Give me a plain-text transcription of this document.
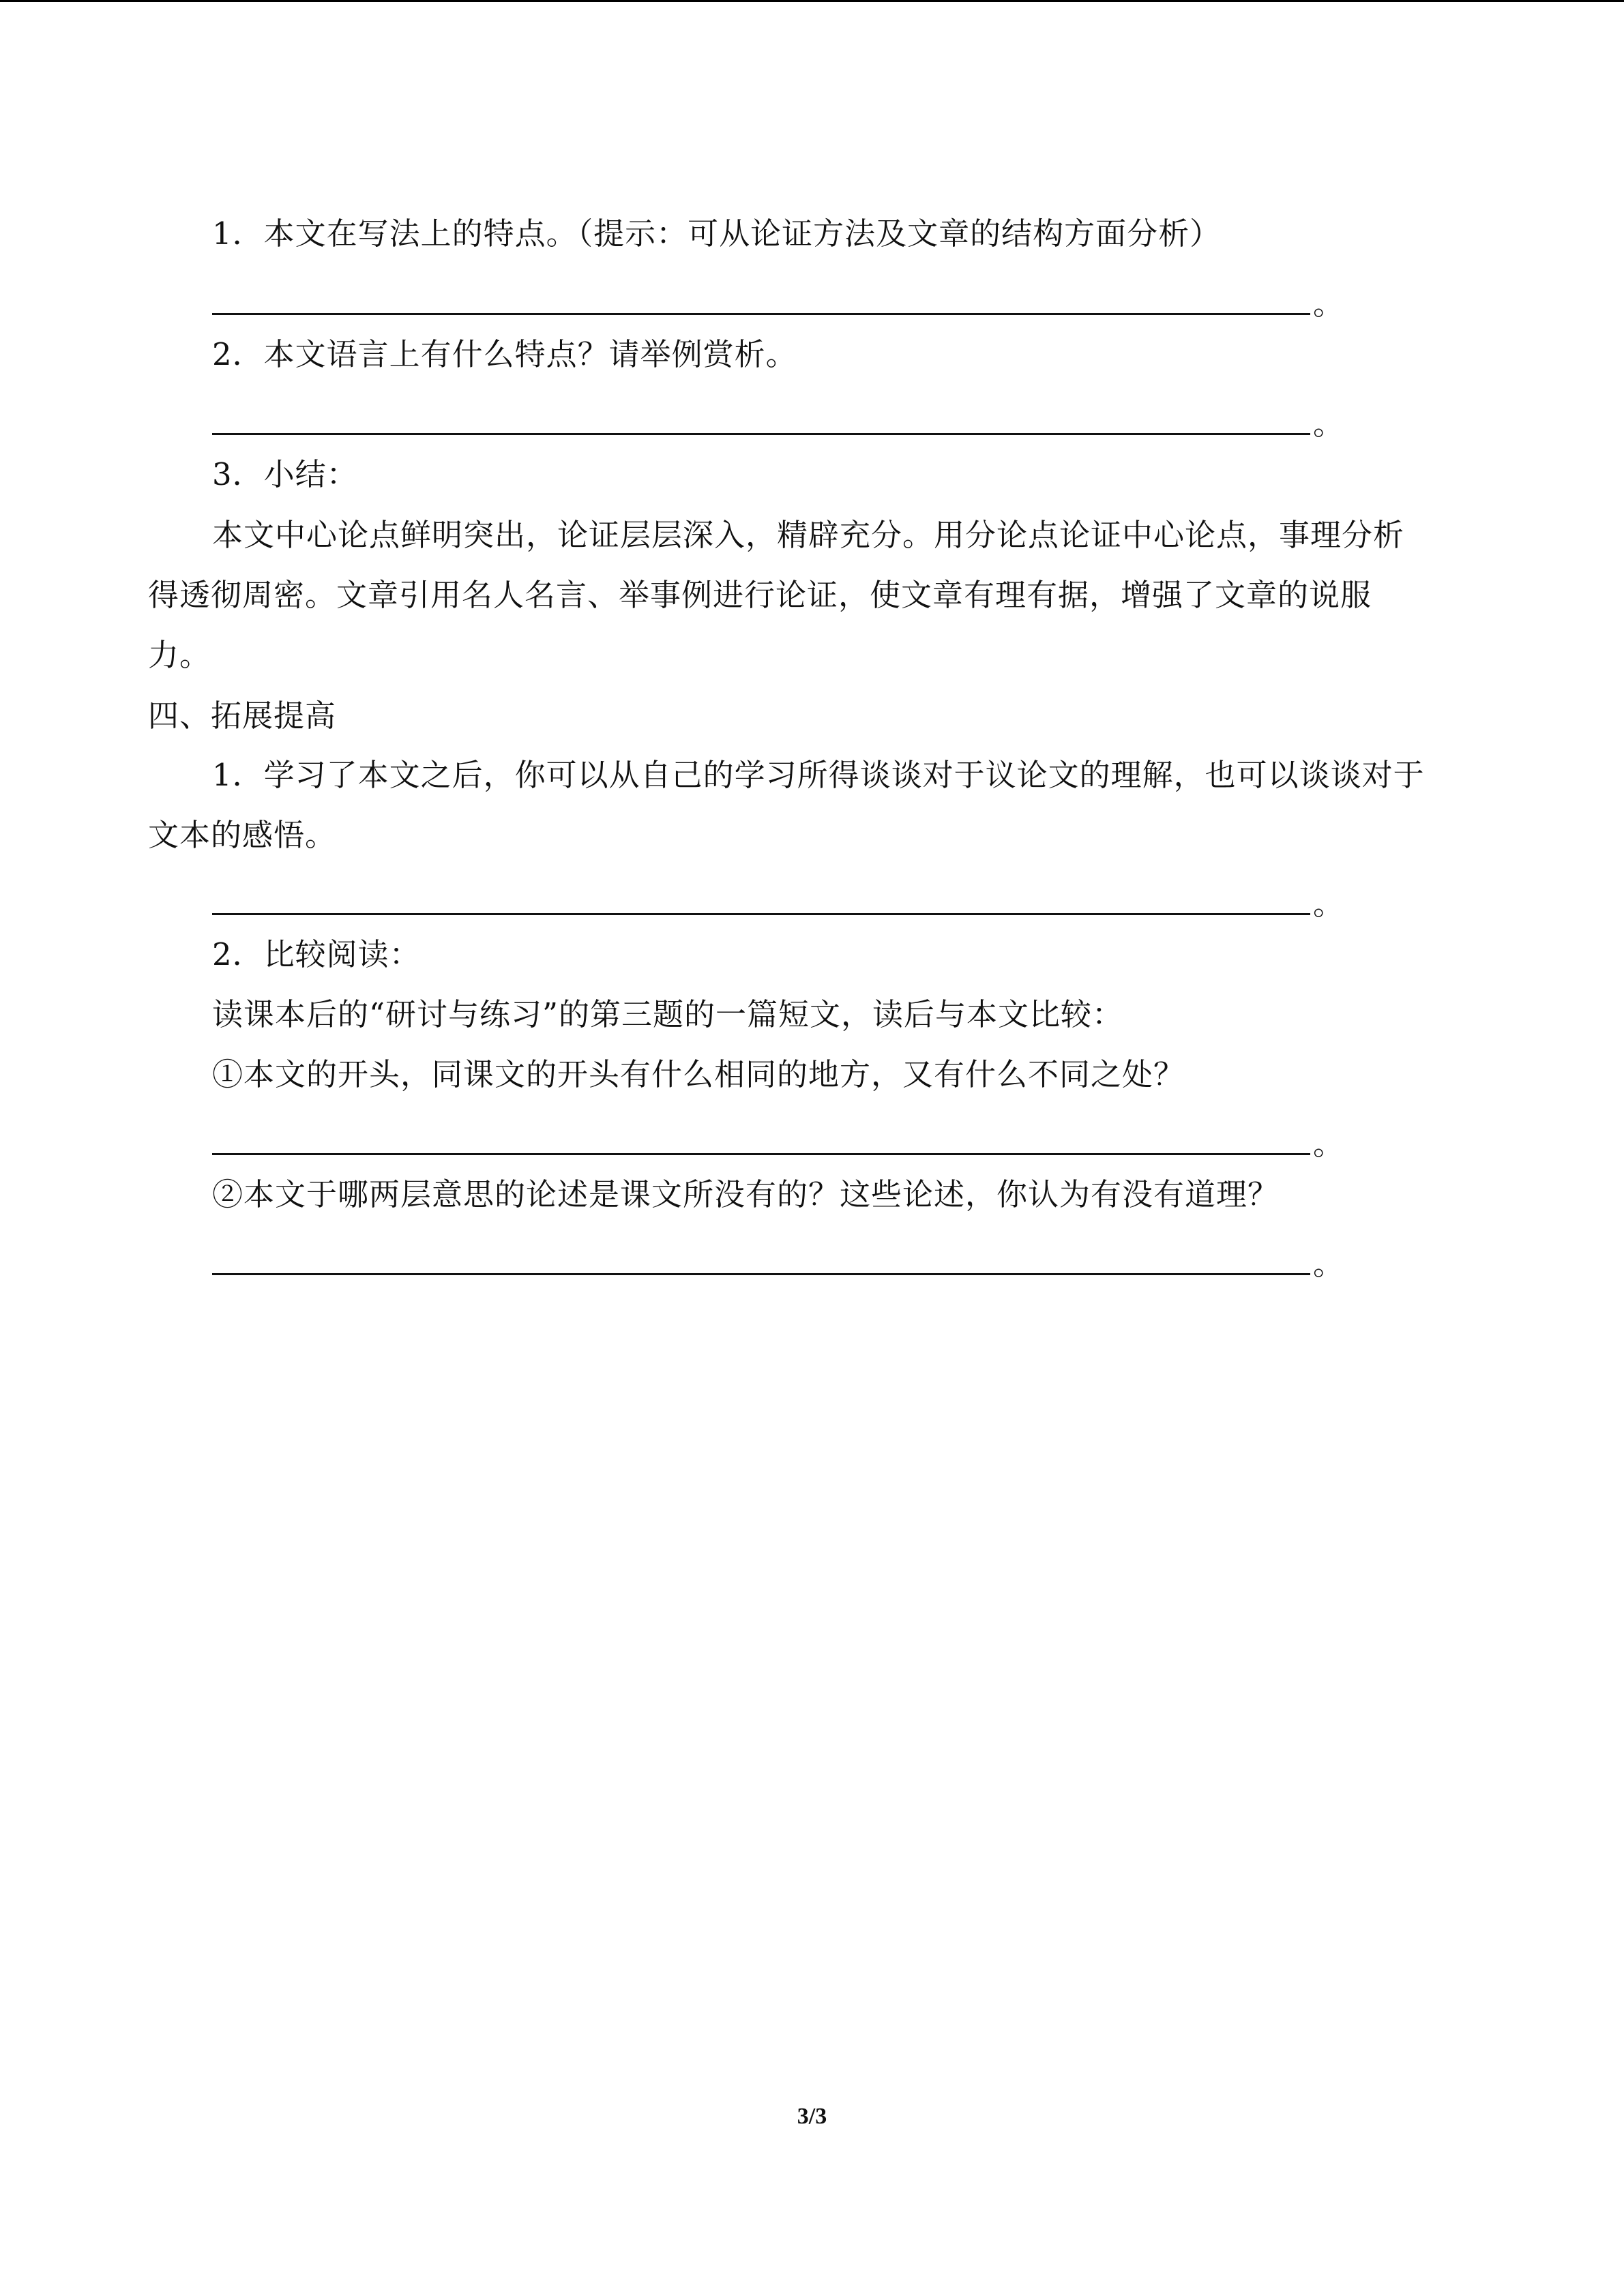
1．本文在写法上的特点。（提示：可从论证方法及文章的结构方面分析）
。
2．本文语言上有什么特点？请举例赏析。
。
3．小结：
本文中心论点鲜明突出，论证层层深入，精辟充分。用分论点论证中心论点，事理分析
得透彻周密。文章引用名人名言、举事例进行论证，使文章有理有据，增强了文章的说服
力。
四、拓展提高
1．学习了本文之后，你可以从自己的学习所得谈谈对于议论文的理解，也可以谈谈对于
文本的感悟。
。
2．比较阅读：
读课本后的“研讨与练习”的第三题的一篇短文，读后与本文比较：
①本文的开头，同课文的开头有什么相同的地方，又有什么不同之处？
。
②本文于哪两层意思的论述是课文所没有的？这些论述，你认为有没有道理？
。
3/3
